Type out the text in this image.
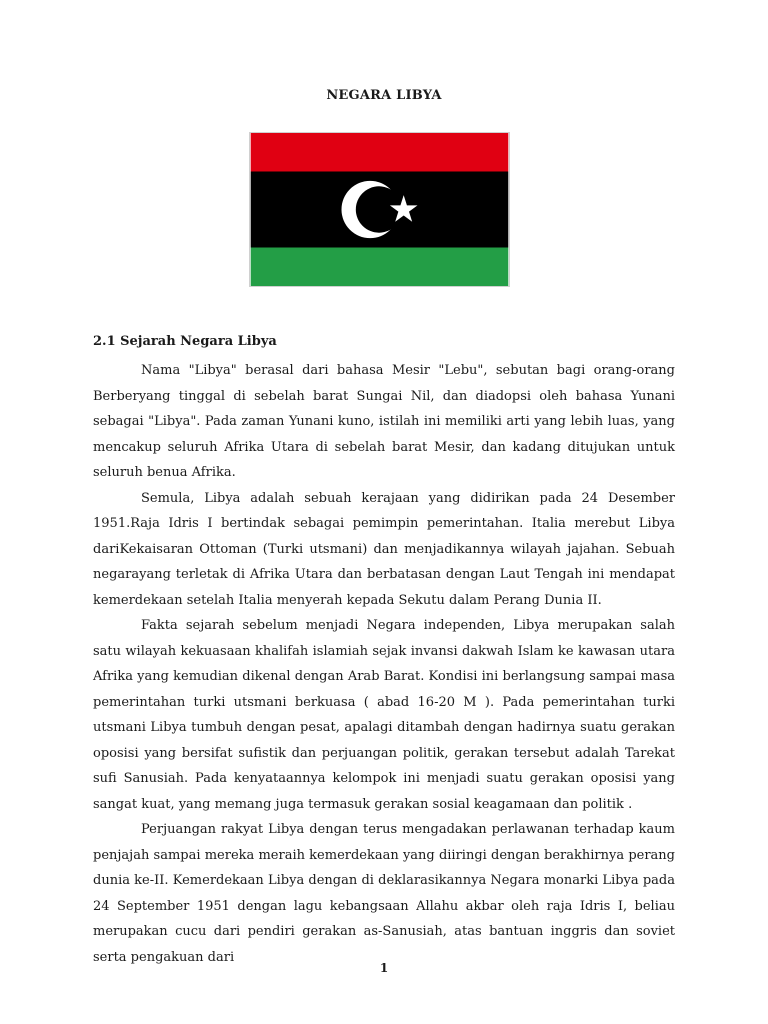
NEGARA LIBYA
2.1 Sejarah Negara Libya

Nama "Libya" berasal dari bahasa Mesir "Lebu", sebutan bagi orang-orang Berberyang tinggal di sebelah barat Sungai Nil, dan diadopsi oleh bahasa Yunani sebagai "Libya". Pada zaman Yunani kuno, istilah ini memiliki arti yang lebih luas, yang mencakup seluruh Afrika Utara di sebelah barat Mesir, dan kadang ditujukan untuk seluruh benua Afrika.

Semula, Libya adalah sebuah kerajaan yang didirikan pada 24 Desember 1951.Raja Idris I bertindak sebagai pemimpin pemerintahan. Italia merebut Libya dariKekaisaran Ottoman (Turki utsmani) dan menjadikannya wilayah jajahan. Sebuah negarayang terletak di Afrika Utara dan berbatasan dengan Laut Tengah ini mendapat kemerdekaan setelah Italia menyerah kepada Sekutu dalam Perang Dunia II.

Fakta sejarah sebelum menjadi Negara independen, Libya merupakan salah satu wilayah kekuasaan khalifah islamiah sejak invansi dakwah Islam ke kawasan utara Afrika yang kemudian dikenal dengan Arab Barat. Kondisi ini berlangsung sampai masa pemerintahan turki utsmani berkuasa ( abad 16-20 M ). Pada pemerintahan turki utsmani Libya tumbuh dengan pesat, apalagi ditambah dengan hadirnya suatu gerakan oposisi yang bersifat sufistik dan perjuangan politik, gerakan tersebut adalah Tarekat sufi Sanusiah. Pada kenyataannya kelompok ini menjadi suatu gerakan oposisi yang sangat kuat, yang memang juga termasuk gerakan sosial keagamaan dan politik .

Perjuangan rakyat Libya dengan terus mengadakan perlawanan terhadap kaum penjajah sampai mereka meraih kemerdekaan yang diiringi dengan berakhirnya perang dunia ke-II. Kemerdekaan Libya dengan di deklarasikannya Negara monarki Libya pada 24 September 1951 dengan lagu kebangsaan Allahu akbar oleh raja Idris I, beliau merupakan cucu dari pendiri gerakan as-Sanusiah, atas bantuan inggris dan soviet serta pengakuan dari

1
